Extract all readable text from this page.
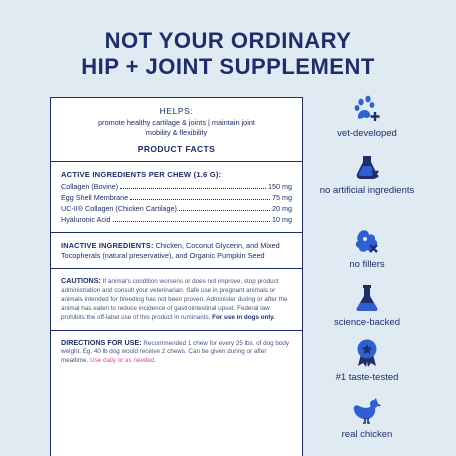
NOT YOUR ORDINARY
HIP + JOINT SUPPLEMENT
HELPS:
promote healthy cartilage & joints | maintain joint
mobility & flexibility
PRODUCT FACTS
ACTIVE INGREDIENTS PER CHEW (1.6 G):
Collagen (Bovine)	150 mg
Egg Shell Membrane	75 mg
UC-II® Collagen (Chicken Cartilage)	20 mg
Hyaluronic Acid	10 mg
INACTIVE INGREDIENTS: Chicken, Coconut Glycerin, and Mixed Tocopherals (natural preservative), and Organic Pumpkin Seed
CAUTIONS: If animal's condition worsens or does not improve, stop product administration and consult your veterinarian. Safe use in pregnant animals or animals intended for breeding has not been proven. Administer during or after the animal has eaten to reduce incidence of gastrointestinal upset. Federal law prohibits the off-label use of this product in ruminants. For use in dogs only.
DIRECTIONS FOR USE: Recommended 1 chew for every 25 lbs. of dog body weight. Eg. 40 lb dog would receive 2 chews. Can be given during or after mealtime. Use daily or as needed.
vet-developed
no artificial ingredients
no fillers
science-backed
#1 taste-tested
real chicken
